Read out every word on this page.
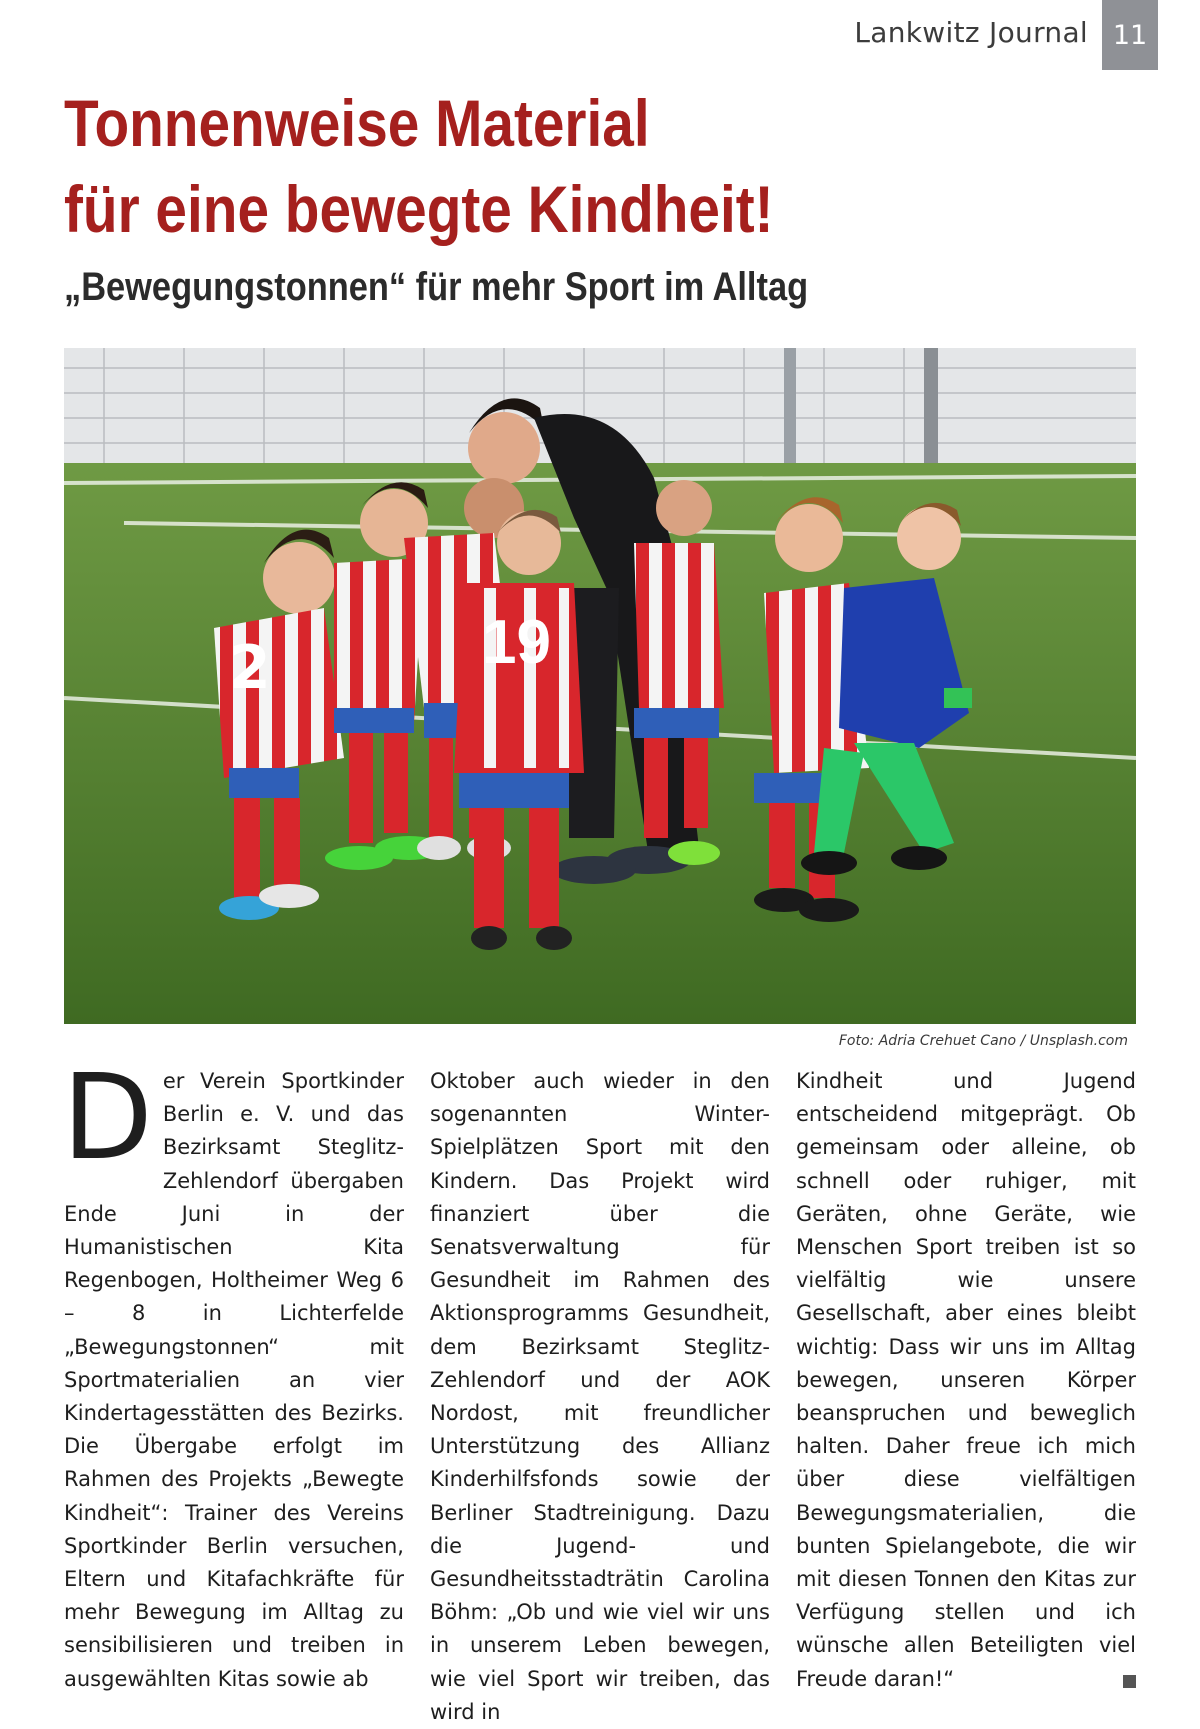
Lankwitz Journal 11
Tonnenweise Material
für eine bewegte Kindheit!
„Bewegungstonnen“ für mehr Sport im Alltag
2	19
Foto: Adria Crehuet Cano / Unsplash.com
D er Verein Sportkinder Berlin e. V. und das Bezirksamt Steglitz-Zehlendorf übergaben Ende Juni in der Humanistischen Kita Regenbogen, Holtheimer Weg 6 – 8 in Lichterfelde „Bewegungstonnen“ mit Sportmaterialien an vier Kindertagesstätten des Bezirks. Die Übergabe erfolgt im Rahmen des Projekts „Bewegte Kindheit“: Trainer des Vereins Sportkinder Berlin versuchen, Eltern und Kitafachkräfte für mehr Bewegung im Alltag zu sensibilisieren und treiben in ausgewählten Kitas sowie ab

Oktober auch wieder in den sogenannten Winter-Spielplätzen Sport mit den Kindern. Das Projekt wird finanziert über die Senatsverwaltung für Gesundheit im Rahmen des Aktionsprogramms Gesundheit, dem Bezirksamt Steglitz-Zehlendorf und der AOK Nordost, mit freundlicher Unterstützung des Allianz Kinderhilfsfonds sowie der Berliner Stadtreinigung. Dazu die Jugend- und Gesundheitsstadträtin Carolina Böhm: „Ob und wie viel wir uns in unserem Leben bewegen, wie viel Sport wir treiben, das wird in

Kindheit und Jugend entscheidend mitgeprägt. Ob gemeinsam oder alleine, ob schnell oder ruhiger, mit Geräten, ohne Geräte, wie Menschen Sport treiben ist so vielfältig wie unsere Gesellschaft, aber eines bleibt wichtig: Dass wir uns im Alltag bewegen, unseren Körper beanspruchen und beweglich halten. Daher freue ich mich über diese vielfältigen Bewegungsmaterialien, die bunten Spielangebote, die wir mit diesen Tonnen den Kitas zur Verfügung stellen und ich wünsche allen Beteiligten viel Freude daran!“
